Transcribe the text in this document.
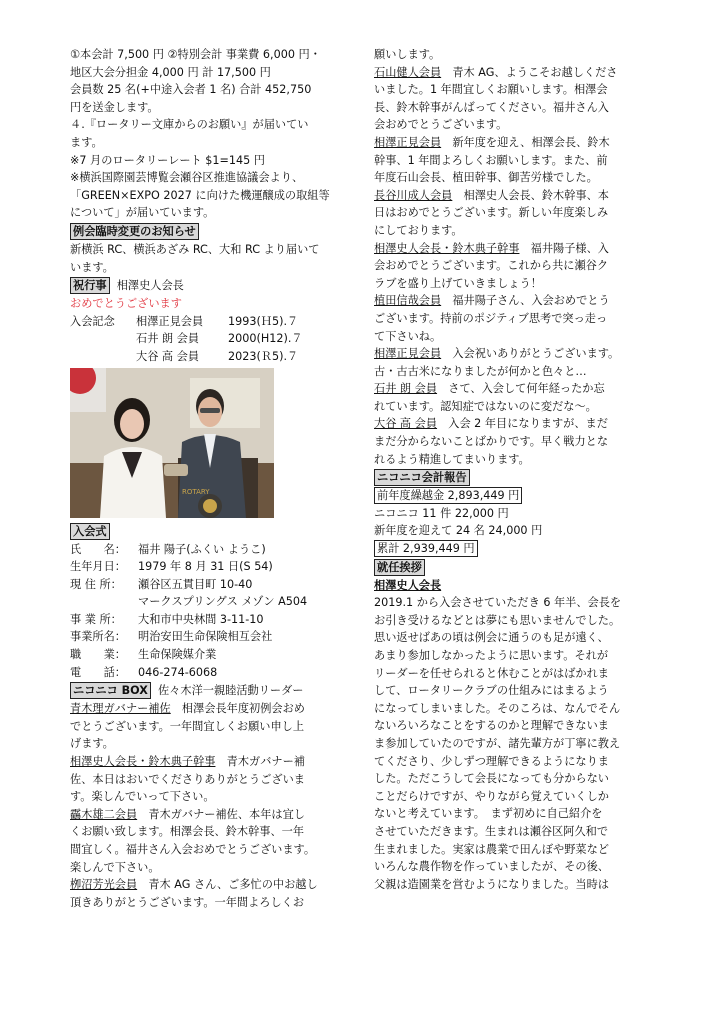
①本会計 7,500 円 ②特別会計 事業費 6,000 円・
地区大会分担金 4,000 円 計 17,500 円
会員数 25 名(+中途入会者 1 名) 合計 452,750
円を送金します。
４.『ロータリー文庫からのお願い』が届いてい
ます。
※7 月のロータリーレート $1=145 円
※横浜国際園芸博覧会瀬谷区推進協議会より、
「GREEN×EXPO 2027 に向けた機運醸成の取組等
について」が届いています。
例会臨時変更のお知らせ
新横浜 RC、横浜あざみ RC、大和 RC より届いて
います。
祝行事 相澤史人会長
おめでとうございます
入会記念	相澤正見会員	1993(Ｈ5).７
石井 朗 会員	2000(H12).７
大谷 高 会員	2023(Ｒ5).７
ROTARY
入会式
氏　　名：	福井 陽子(ふくい ようこ)
生年月日：	1979 年 8 月 31 日(S 54)
現 住 所：	瀬谷区五貫目町 10-40
マークスプリングス メゾン A504
事 業 所：	大和市中央林間 3-11-10
事業所名：	明治安田生命保険相互会社
職　　業：	生命保険媒介業
電　　話：	046-274-6068
ニコニコ BOX 佐々木洋一親睦活動リーダー
青木理ガバナー補佐　相澤会長年度初例会おめ
でとうございます。一年間宜しくお願い申し上
げます。
相澤史人会長・鈴木典子幹事　青木ガバナー補
佐、本日はおいでくださりありがとうございま
す。楽しんでいって下さい。
靏木雄二会員　青木ガバナー補佐、本年は宜し
くお願い致します。相澤会長、鈴木幹事、一年
間宜しく。福井さん入会おめでとうございます。
楽しんで下さい。
栁沼芳光会員　青木 AG さん、ご多忙の中お越し
頂きありがとうございます。一年間よろしくお
願いします。
石山健人会員　青木 AG、ようこそお越しくださ
いました。1 年間宜しくお願いします。相澤会
長、鈴木幹事がんばってください。福井さん入
会おめでとうございます。
相澤正見会員　新年度を迎え、相澤会長、鈴木
幹事、1 年間よろしくお願いします。また、前
年度石山会長、植田幹事、御苦労様でした。
長谷川成人会員　相澤史人会長、鈴木幹事、本
日はおめでとうございます。新しい年度楽しみ
にしております。
相澤史人会長・鈴木典子幹事　福井陽子様、入
会おめでとうございます。これから共に瀬谷ク
ラブを盛り上げていきましょう！
植田信哉会員　福井陽子さん、入会おめでとう
ございます。持前のポジティブ思考で突っ走っ
て下さいね。
相澤正見会員　入会祝いありがとうございます。
古・古古米になりましたが何かと色々と…
石井 朗 会員　さて、入会して何年経ったか忘
れています。認知症ではないのに変だな～。
大谷 高 会員　入会 2 年目になりますが、まだ
まだ分からないことばかりです。早く戦力とな
れるよう精進してまいります。
ニコニコ会計報告
前年度繰越金 2,893,449 円
ニコニコ 11 件 22,000 円
新年度を迎えて 24 名 24,000 円
累計 2,939,449 円
就任挨拶
相澤史人会長
2019.1 から入会させていただき 6 年半、会長を
お引き受けるなどとは夢にも思いませんでした。
思い返せばあの頃は例会に通うのも足が遠く、
あまり参加しなかったように思います。それが
リーダーを任せられると休むことがはばかれま
して、ロータリークラブの仕組みにはまるよう
になってしまいました。そのころは、なんでそん
ないろいろなことをするのかと理解できないま
ま参加していたのですが、諸先輩方が丁寧に教え
てくださり、少しずつ理解できるようになりま
した。ただこうして会長になっても分からない
ことだらけですが、やりながら覚えていくしか
ないと考えています。　まず初めに自己紹介を
させていただきます。生まれは瀬谷区阿久和で
生まれました。実家は農業で田んぼや野菜など
いろんな農作物を作っていましたが、その後、
父親は造園業を営むようになりました。当時は
